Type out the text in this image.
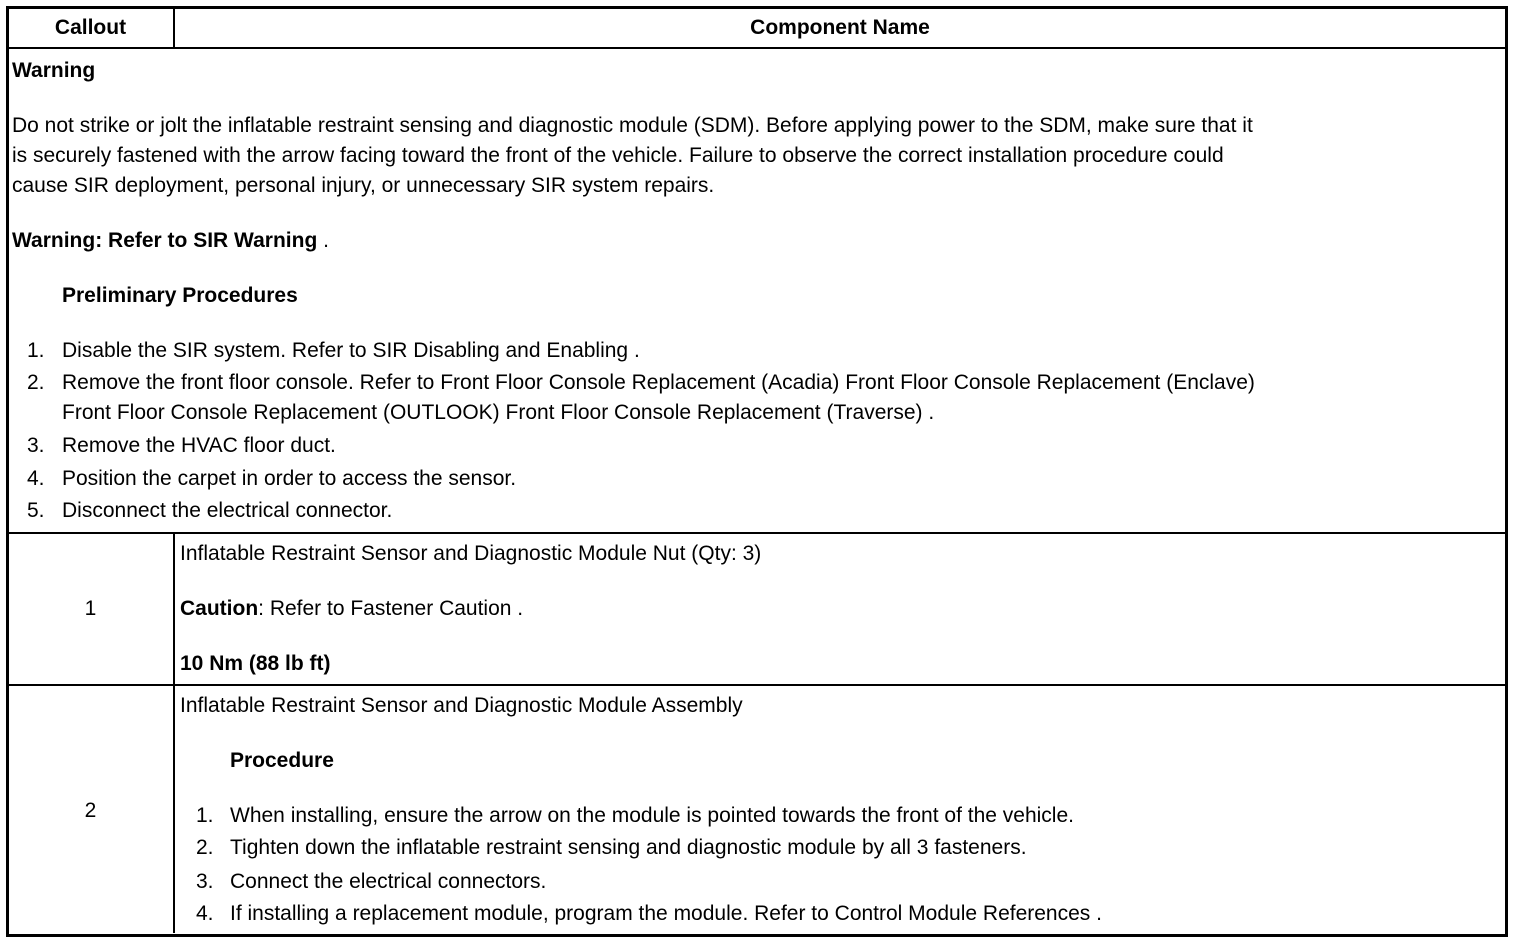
Callout	Component Name
Warning
Do not strike or jolt the inflatable restraint sensing and diagnostic module (SDM). Before applying power to the SDM, make sure that it
is securely fastened with the arrow facing toward the front of the vehicle. Failure to observe the correct installation procedure could
cause SIR deployment, personal injury, or unnecessary SIR system repairs.
Warning: Refer to SIR Warning .
Preliminary Procedures
1. Disable the SIR system. Refer to SIR Disabling and Enabling .
2. Remove the front floor console. Refer to Front Floor Console Replacement (Acadia) Front Floor Console Replacement (Enclave)
Front Floor Console Replacement (OUTLOOK) Front Floor Console Replacement (Traverse) .
3. Remove the HVAC floor duct.
4. Position the carpet in order to access the sensor.
5. Disconnect the electrical connector.
1
Inflatable Restraint Sensor and Diagnostic Module Nut (Qty: 3)
Caution: Refer to Fastener Caution .
10 Nm (88 lb ft)
2
Inflatable Restraint Sensor and Diagnostic Module Assembly
Procedure
1. When installing, ensure the arrow on the module is pointed towards the front of the vehicle.
2. Tighten down the inflatable restraint sensing and diagnostic module by all 3 fasteners.
3. Connect the electrical connectors.
4. If installing a replacement module, program the module. Refer to Control Module References .
